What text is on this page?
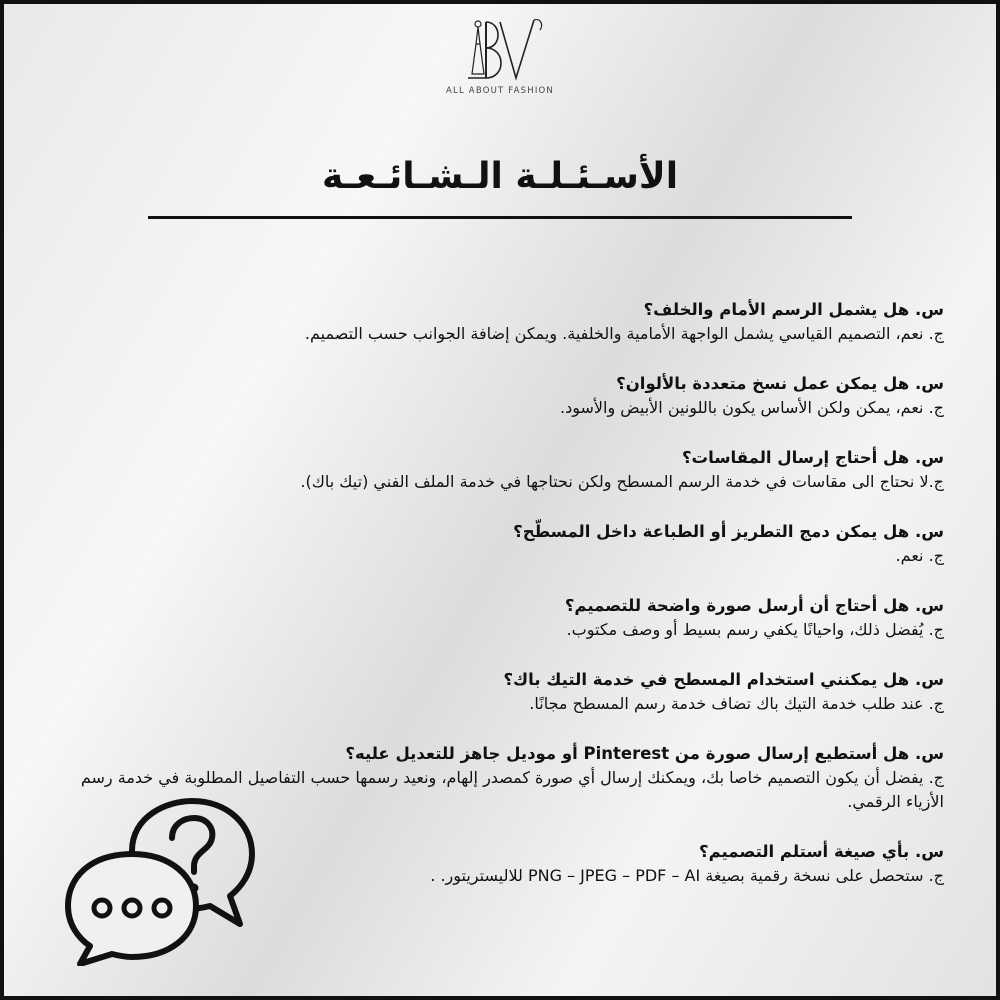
ALL ABOUT FASHION
الأسـئـلـة الـشـائـعـة
س. هل يشمل الرسم الأمام والخلف؟
ج. نعم، التصميم القياسي يشمل الواجهة الأمامية والخلفية. ويمكن إضافة الجوانب حسب التصميم.
س. هل يمكن عمل نسخ متعددة بالألوان؟
ج. نعم، يمكن ولكن الأساس يكون باللونين الأبيض والأسود.
س. هل أحتاج إرسال المقاسات؟
ج.لا نحتاج الى مقاسات في خدمة الرسم المسطح ولكن نحتاجها في خدمة الملف الفني (تيك باك).
س. هل يمكن دمج التطريز أو الطباعة داخل المسطّح؟
ج. نعم.
س. هل أحتاج أن أرسل صورة واضحة للتصميم؟
ج. يُفضل ذلك، واحيانًا يكفي رسم بسيط أو وصف مكتوب.
س. هل يمكنني استخدام المسطح في خدمة التيك باك؟
ج. عند طلب خدمة التيك باك تضاف خدمة رسم المسطح مجانًا.
س. هل أستطيع إرسال صورة من Pinterest أو موديل جاهز للتعديل عليه؟
ج. يفضل أن يكون التصميم خاصا بك، ويمكنك إرسال أي صورة كمصدر إلهام، ونعيد رسمها حسب التفاصيل المطلوبة في خدمة رسم الأزياء الرقمي.
س. بأي صيغة أستلم التصميم؟
ج. ستحصل على نسخة رقمية بصيغة PNG – JPEG – PDF – AI للاليستريتور. .
